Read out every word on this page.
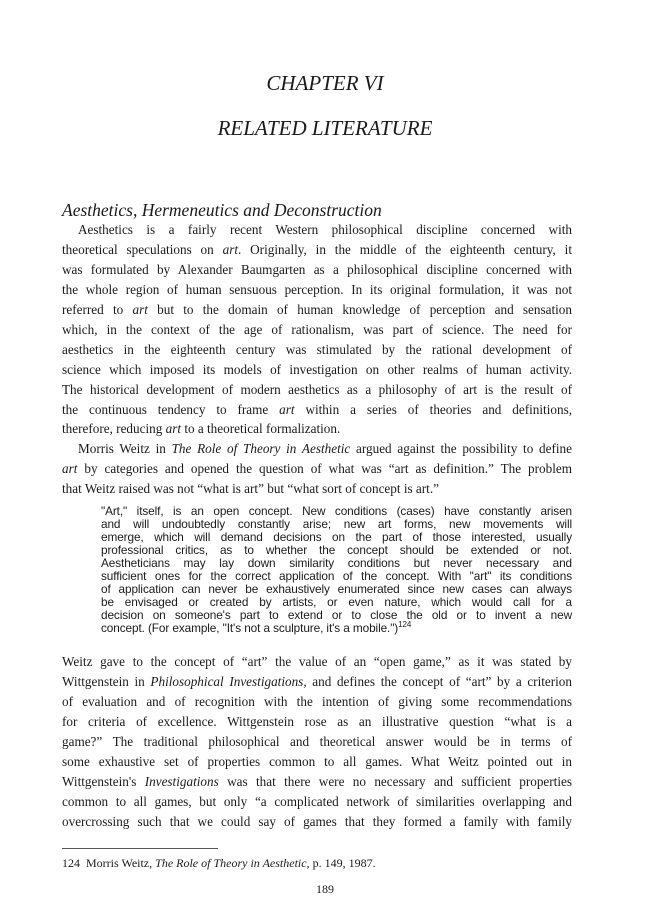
CHAPTER VI
RELATED LITERATURE
Aesthetics, Hermeneutics and Deconstruction
Aesthetics is a fairly recent Western philosophical discipline concerned with
theoretical speculations on art. Originally, in the middle of the eighteenth century, it
was formulated by Alexander Baumgarten as a philosophical discipline concerned with
the whole region of human sensuous perception. In its original formulation, it was not
referred to art but to the domain of human knowledge of perception and sensation
which, in the context of the age of rationalism, was part of science. The need for
aesthetics in the eighteenth century was stimulated by the rational development of
science which imposed its models of investigation on other realms of human activity.
The historical development of modern aesthetics as a philosophy of art is the result of
the continuous tendency to frame art within a series of theories and definitions,
therefore, reducing art to a theoretical formalization.
Morris Weitz in The Role of Theory in Aesthetic argued against the possibility to define
art by categories and opened the question of what was “art as definition.” The problem
that Weitz raised was not “what is art” but “what sort of concept is art.”
"Art," itself, is an open concept. New conditions (cases) have constantly arisen
and will undoubtedly constantly arise; new art forms, new movements will
emerge, which will demand decisions on the part of those interested, usually
professional critics, as to whether the concept should be extended or not.
Aestheticians may lay down similarity conditions but never necessary and
sufficient ones for the correct application of the concept. With "art" its conditions
of application can never be exhaustively enumerated since new cases can always
be envisaged or created by artists, or even nature, which would call for a
decision on someone's part to extend or to close the old or to invent a new
concept. (For example, "It's not a sculpture, it's a mobile.")$^{124}$
Weitz gave to the concept of “art” the value of an “open game,” as it was stated by
Wittgenstein in Philosophical Investigations, and defines the concept of “art” by a criterion
of evaluation and of recognition with the intention of giving some recommendations
for criteria of excellence. Wittgenstein rose as an illustrative question “what is a
game?” The traditional philosophical and theoretical answer would be in terms of
some exhaustive set of properties common to all games. What Weitz pointed out in
Wittgenstein's Investigations was that there were no necessary and sufficient properties
common to all games, but only “a complicated network of similarities overlapping and
overcrossing such that we could say of games that they formed a family with family
124 Morris Weitz, The Role of Theory in Aesthetic, p. 149, 1987.
189
